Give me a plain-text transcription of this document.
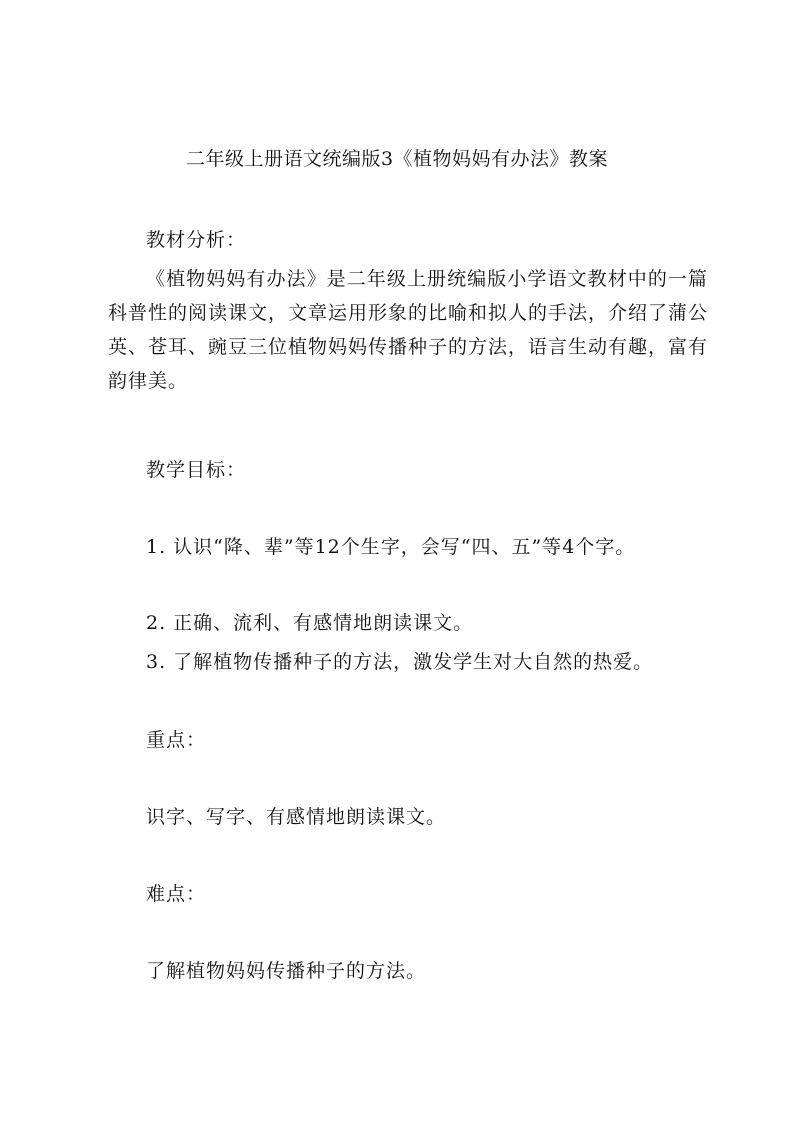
二年级上册语文统编版3《植物妈妈有办法》教案
教材分析：
《植物妈妈有办法》是二年级上册统编版小学语文教材中的一篇科普性的阅读课文，文章运用形象的比喻和拟人的手法，介绍了蒲公英、苍耳、豌豆三位植物妈妈传播种子的方法，语言生动有趣，富有韵律美。
教学目标：
1. 认识“降、辈”等12个生字，会写“四、五”等4个字。
2. 正确、流利、有感情地朗读课文。
3. 了解植物传播种子的方法，激发学生对大自然的热爱。
重点：
识字、写字、有感情地朗读课文。
难点：
了解植物妈妈传播种子的方法。
